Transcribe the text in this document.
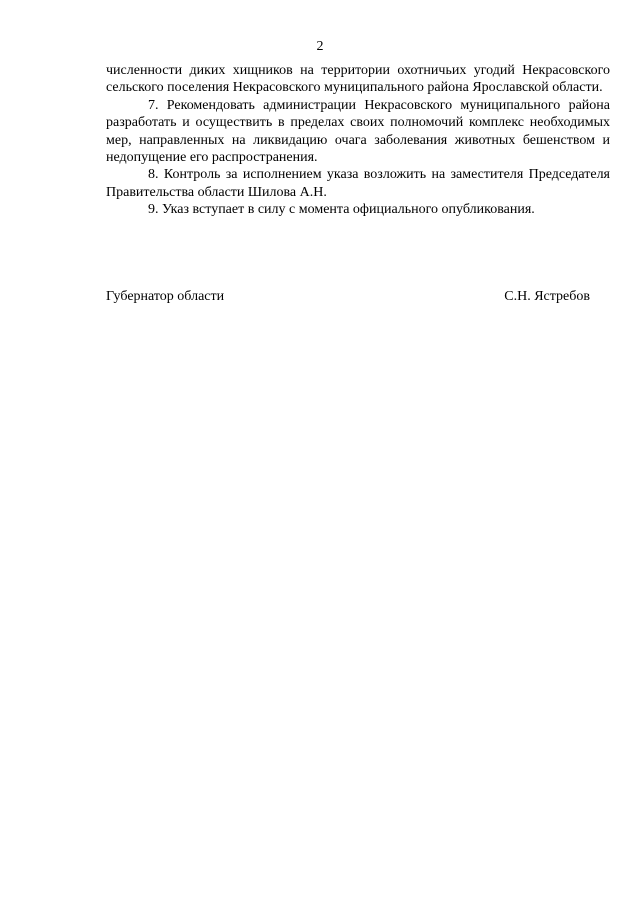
2

численности диких хищников на территории охотничьих угодий Некрасовского сельского поселения Некрасовского муниципального района Ярославской области.

7. Рекомендовать администрации Некрасовского муниципального района разработать и осуществить в пределах своих полномочий комплекс необходимых мер, направленных на ликвидацию очага заболевания животных бешенством и недопущение его распространения.

8. Контроль за исполнением указа возложить на заместителя Председателя Правительства области Шилова А.Н.

9. Указ вступает в силу с момента официального опубликования.

Губернатор области	С.Н. Ястребов
